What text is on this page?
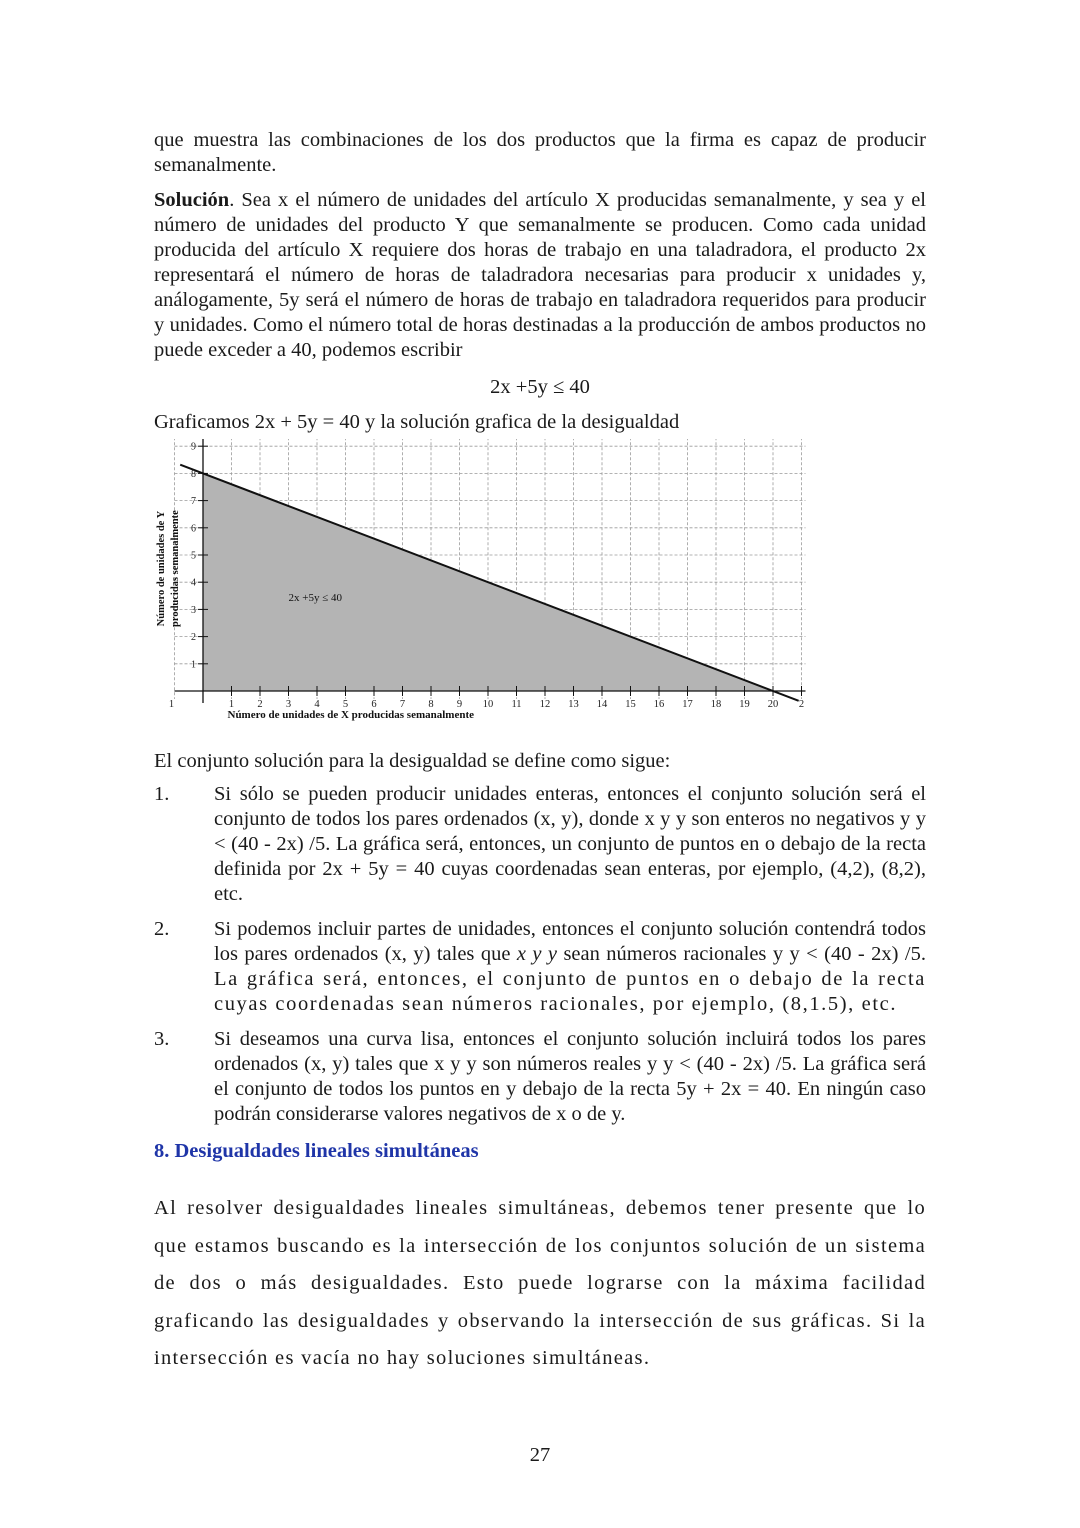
que muestra las combinaciones de los dos productos que la firma es capaz de producir semanalmente.

Solución. Sea x el número de unidades del artículo X producidas semanalmente, y sea y el número de unidades del producto Y que semanalmente se producen. Como cada unidad producida del artículo X requiere dos horas de trabajo en una taladradora, el producto 2x representará el número de horas de taladradora necesarias para producir x unidades y, análogamente, 5y será el número de horas de trabajo en taladradora requeridos para producir y unidades. Como el número total de horas destinadas a la producción de ambos productos no puede exceder a 40, podemos escribir

2x +5y ≤ 40
Graficamos 2x + 5y = 40 y la solución grafica de la desigualdad
1
2
3
4
5
6
7
8
9
1 2 3 4 5 6 7 8 9 10 11 12 13 14 15 16 17 18 19 20 2
1
Número de unidades de X producidas semanalmente
Número de unidades de Y producidas semanalmente	2x +5y ≤ 40

El conjunto solución para la desigualdad se define como sigue:

1. Si sólo se pueden producir unidades enteras, entonces el conjunto solución será el conjunto de todos los pares ordenados (x, y), donde x y y son enteros no negativos y y < (40 - 2x) /5. La gráfica será, entonces, un conjunto de puntos en o debajo de la recta definida por 2x + 5y = 40 cuyas coordenadas sean enteras, por ejemplo, (4,2), (8,2), etc.

2. Si podemos incluir partes de unidades, entonces el conjunto solución contendrá todos los pares ordenados (x, y) tales que x y y sean números racionales y y < (40 - 2x) /5. La gráfica será, entonces, el conjunto de puntos en o debajo de la recta cuyas coordenadas sean números racionales, por ejemplo, (8,1.5), etc.

3. Si deseamos una curva lisa, entonces el conjunto solución incluirá todos los pares ordenados (x, y) tales que x y y son números reales y y < (40 - 2x) /5. La gráfica será el conjunto de todos los puntos en y debajo de la recta 5y + 2x = 40. En ningún caso podrán considerarse valores negativos de x o de y.

8. Desigualdades lineales simultáneas

Al resolver desigualdades lineales simultáneas, debemos tener presente que lo que estamos buscando es la intersección de los conjuntos solución de un sistema de dos o más desigualdades. Esto puede lograrse con la máxima facilidad graficando las desigualdades y observando la intersección de sus gráficas. Si la intersección es vacía no hay soluciones simultáneas.

27
